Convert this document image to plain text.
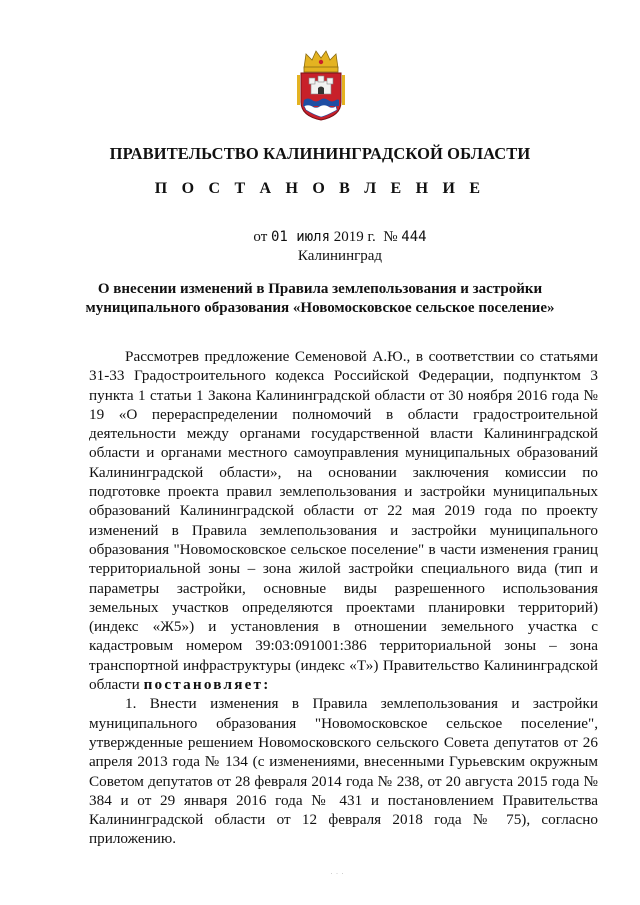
ПРАВИТЕЛЬСТВО КАЛИНИНГРАДСКОЙ ОБЛАСТИ
П О С Т А Н О В Л Е Н И Е
от 01 июля 2019 г. № 444
Калининград
О внесении изменений в Правила землепользования и застройки муниципального образования «Новомосковское сельское поселение»

Рассмотрев предложение Семеновой А.Ю., в соответствии со статьями 31-33 Градостроительного кодекса Российской Федерации, подпунктом 3 пункта 1 статьи 1 Закона Калининградской области от 30 ноября 2016 года № 19 «О перераспределении полномочий в области градостроительной деятельности между органами государственной власти Калининградской области и органами местного самоуправления муниципальных образований Калининградской области», на основании заключения комиссии по подготовке проекта правил землепользования и застройки муниципальных образований Калининградской области от 22 мая 2019 года по проекту изменений в Правила землепользования и застройки муниципального образования "Новомосковское сельское поселение" в части изменения границ территориальной зоны – зона жилой застройки специального вида (тип и параметры застройки, основные виды разрешенного использования земельных участков определяются проектами планировки территорий) (индекс «Ж5») и установления в отношении земельного участка с кадастровым номером 39:03:091001:386 территориальной зоны – зона транспортной инфраструктуры (индекс «Т») Правительство Калининградской области постановляет:

1. Внести изменения в Правила землепользования и застройки муниципального образования "Новомосковское сельское поселение", утвержденные решением Новомосковского сельского Совета депутатов от 26 апреля 2013 года № 134 (с изменениями, внесенными Гурьевским окружным Советом депутатов от 28 февраля 2014 года № 238, от 20 августа 2015 года № 384 и от 29 января 2016 года № 431 и постановлением Правительства Калининградской области от 12 февраля 2018 года № 75), согласно приложению.

· · ·
